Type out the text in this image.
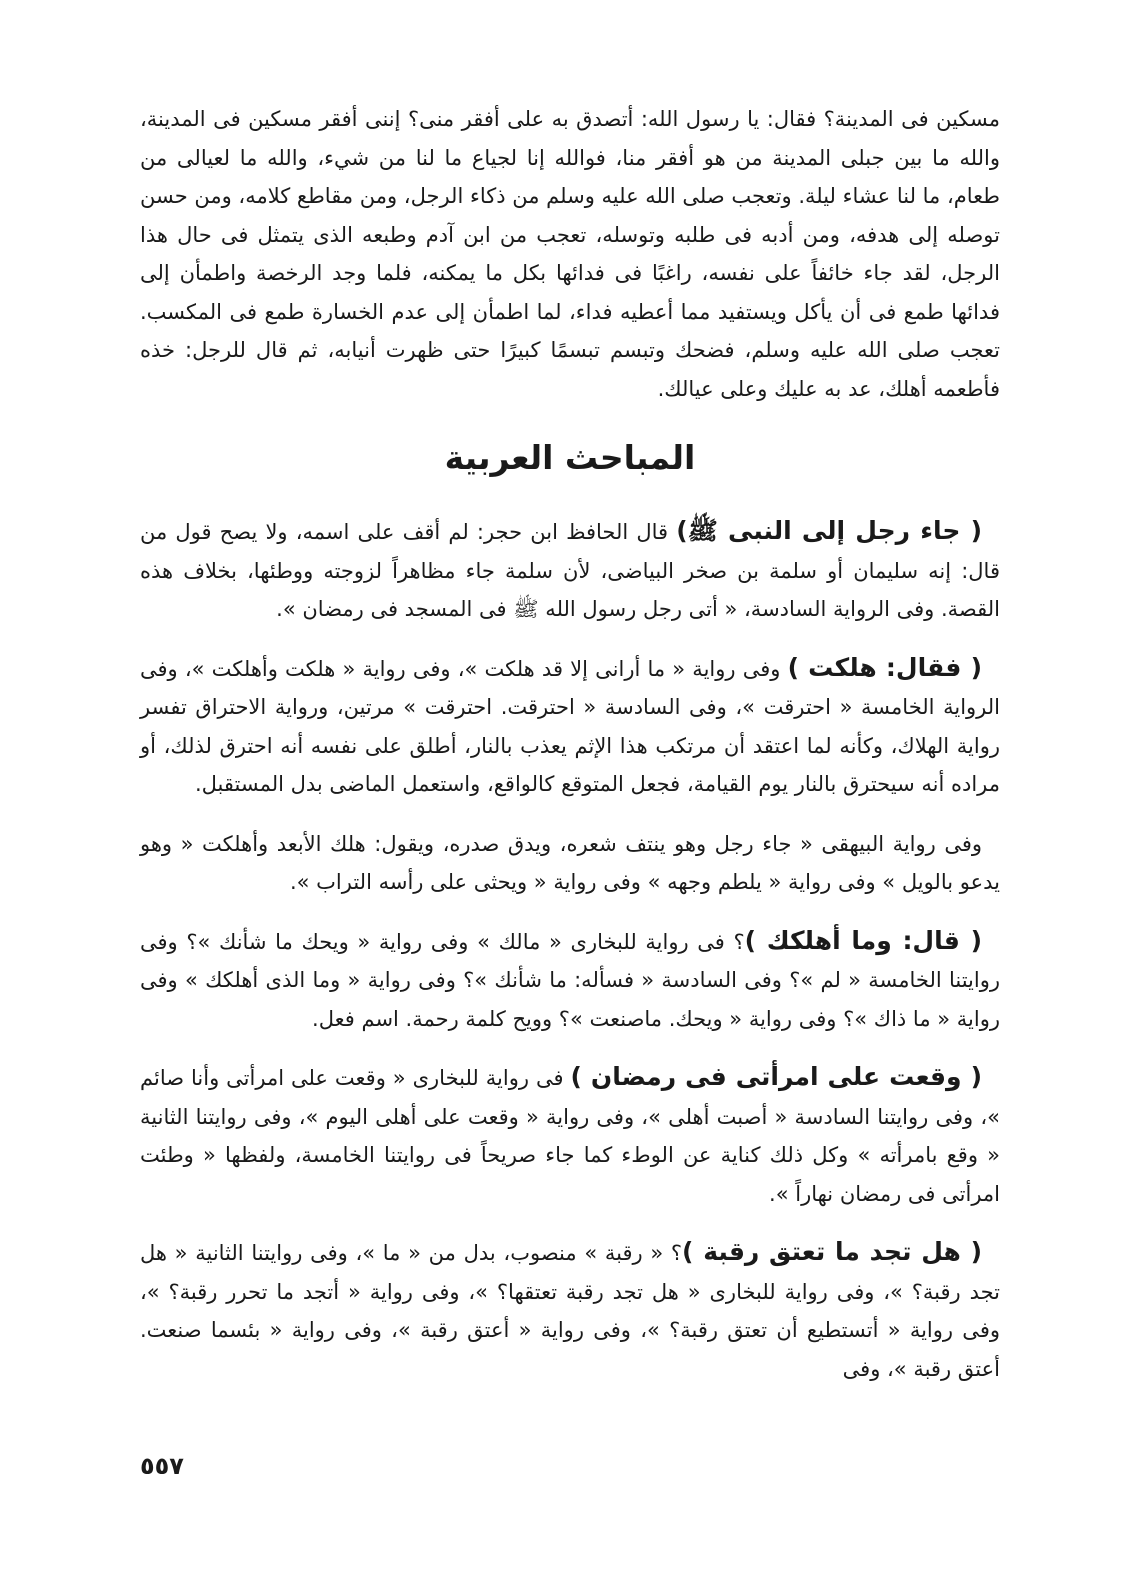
مسكين فى المدينة؟ فقال: يا رسول الله: أتصدق به على أفقر منى؟ إننى أفقر مسكين فى المدينة، والله ما بين جبلى المدينة من هو أفقر منا، فوالله إنا لجياع ما لنا من شيء، والله ما لعيالى من طعام، ما لنا عشاء ليلة. وتعجب صلى الله عليه وسلم من ذكاء الرجل، ومن مقاطع كلامه، ومن حسن توصله إلى هدفه، ومن أدبه فى طلبه وتوسله، تعجب من ابن آدم وطبعه الذى يتمثل فى حال هذا الرجل، لقد جاء خائفاً على نفسه، راغبًا فى فدائها بكل ما يمكنه، فلما وجد الرخصة واطمأن إلى فدائها طمع فى أن يأكل ويستفيد مما أعطيه فداء، لما اطمأن إلى عدم الخسارة طمع فى المكسب. تعجب صلى الله عليه وسلم، فضحك وتبسم تبسمًا كبيرًا حتى ظهرت أنيابه، ثم قال للرجل: خذه فأطعمه أهلك، عد به عليك وعلى عيالك.

المباحث العربية

( جاء رجل إلى النبى ﷺ) قال الحافظ ابن حجر: لم أقف على اسمه، ولا يصح قول من قال: إنه سليمان أو سلمة بن صخر البياضى، لأن سلمة جاء مظاهراً لزوجته ووطئها، بخلاف هذه القصة. وفى الرواية السادسة، « أتى رجل رسول الله ﷺ فى المسجد فى رمضان ».

( فقال: هلكت ) وفى رواية « ما أرانى إلا قد هلكت »، وفى رواية « هلكت وأهلكت »، وفى الرواية الخامسة « احترقت »، وفى السادسة « احترقت. احترقت » مرتين، ورواية الاحتراق تفسر رواية الهلاك، وكأنه لما اعتقد أن مرتكب هذا الإثم يعذب بالنار، أطلق على نفسه أنه احترق لذلك، أو مراده أنه سيحترق بالنار يوم القيامة، فجعل المتوقع كالواقع، واستعمل الماضى بدل المستقبل.

وفى رواية البيهقى « جاء رجل وهو ينتف شعره، ويدق صدره، ويقول: هلك الأبعد وأهلكت « وهو يدعو بالويل » وفى رواية « يلطم وجهه » وفى رواية « ويحثى على رأسه التراب ».

( قال: وما أهلكك )؟ فى رواية للبخارى « مالك » وفى رواية « ويحك ما شأنك »؟ وفى روايتنا الخامسة « لم »؟ وفى السادسة « فسأله: ما شأنك »؟ وفى رواية « وما الذى أهلكك » وفى رواية « ما ذاك »؟ وفى رواية « ويحك. ماصنعت »؟ وويح كلمة رحمة. اسم فعل.

( وقعت على امرأتى فى رمضان ) فى رواية للبخارى « وقعت على امرأتى وأنا صائم »، وفى روايتنا السادسة « أصبت أهلى »، وفى رواية « وقعت على أهلى اليوم »، وفى روايتنا الثانية « وقع بامرأته » وكل ذلك كناية عن الوطء كما جاء صريحاً فى روايتنا الخامسة، ولفظها « وطئت امرأتى فى رمضان نهاراً ».

( هل تجد ما تعتق رقبة )؟ « رقبة » منصوب، بدل من « ما »، وفى روايتنا الثانية « هل تجد رقبة؟ »، وفى رواية للبخارى « هل تجد رقبة تعتقها؟ »، وفى رواية « أتجد ما تحرر رقبة؟ »، وفى رواية « أتستطيع أن تعتق رقبة؟ »، وفى رواية « أعتق رقبة »، وفى رواية « بئسما صنعت. أعتق رقبة »، وفى

٥٥٧
